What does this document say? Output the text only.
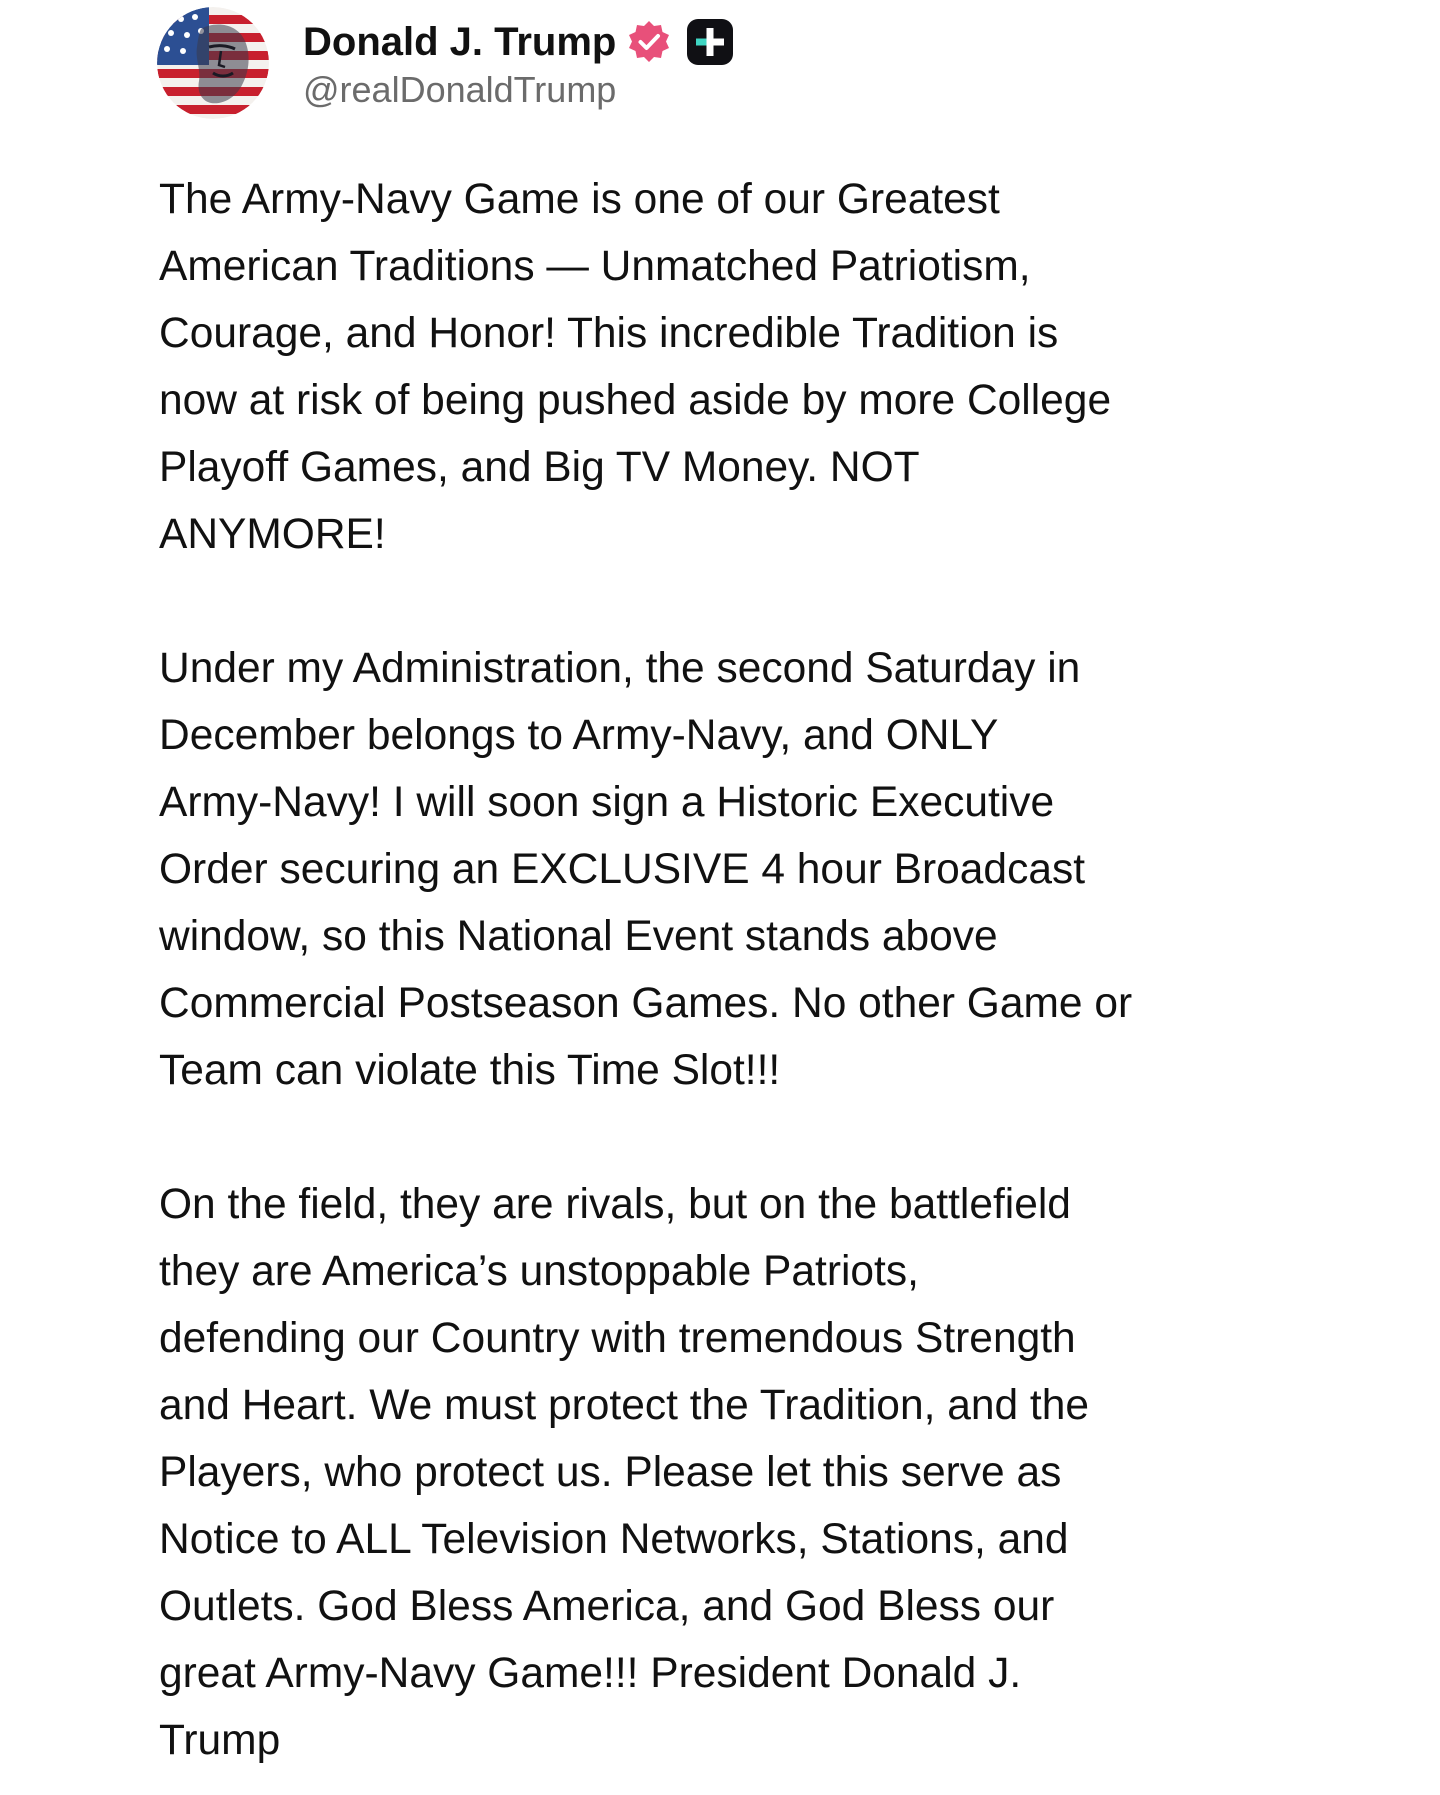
Donald J. Trump
@realDonaldTrump

The Army-Navy Game is one of our Greatest
American Traditions — Unmatched Patriotism,
Courage, and Honor! This incredible Tradition is
now at risk of being pushed aside by more College
Playoff Games, and Big TV Money. NOT
ANYMORE!

Under my Administration, the second Saturday in
December belongs to Army-Navy, and ONLY
Army-Navy! I will soon sign a Historic Executive
Order securing an EXCLUSIVE 4 hour Broadcast
window, so this National Event stands above
Commercial Postseason Games. No other Game or
Team can violate this Time Slot!!!

On the field, they are rivals, but on the battlefield
they are America’s unstoppable Patriots,
defending our Country with tremendous Strength
and Heart. We must protect the Tradition, and the
Players, who protect us. Please let this serve as
Notice to ALL Television Networks, Stations, and
Outlets. God Bless America, and God Bless our
great Army-Navy Game!!! President Donald J.
Trump
